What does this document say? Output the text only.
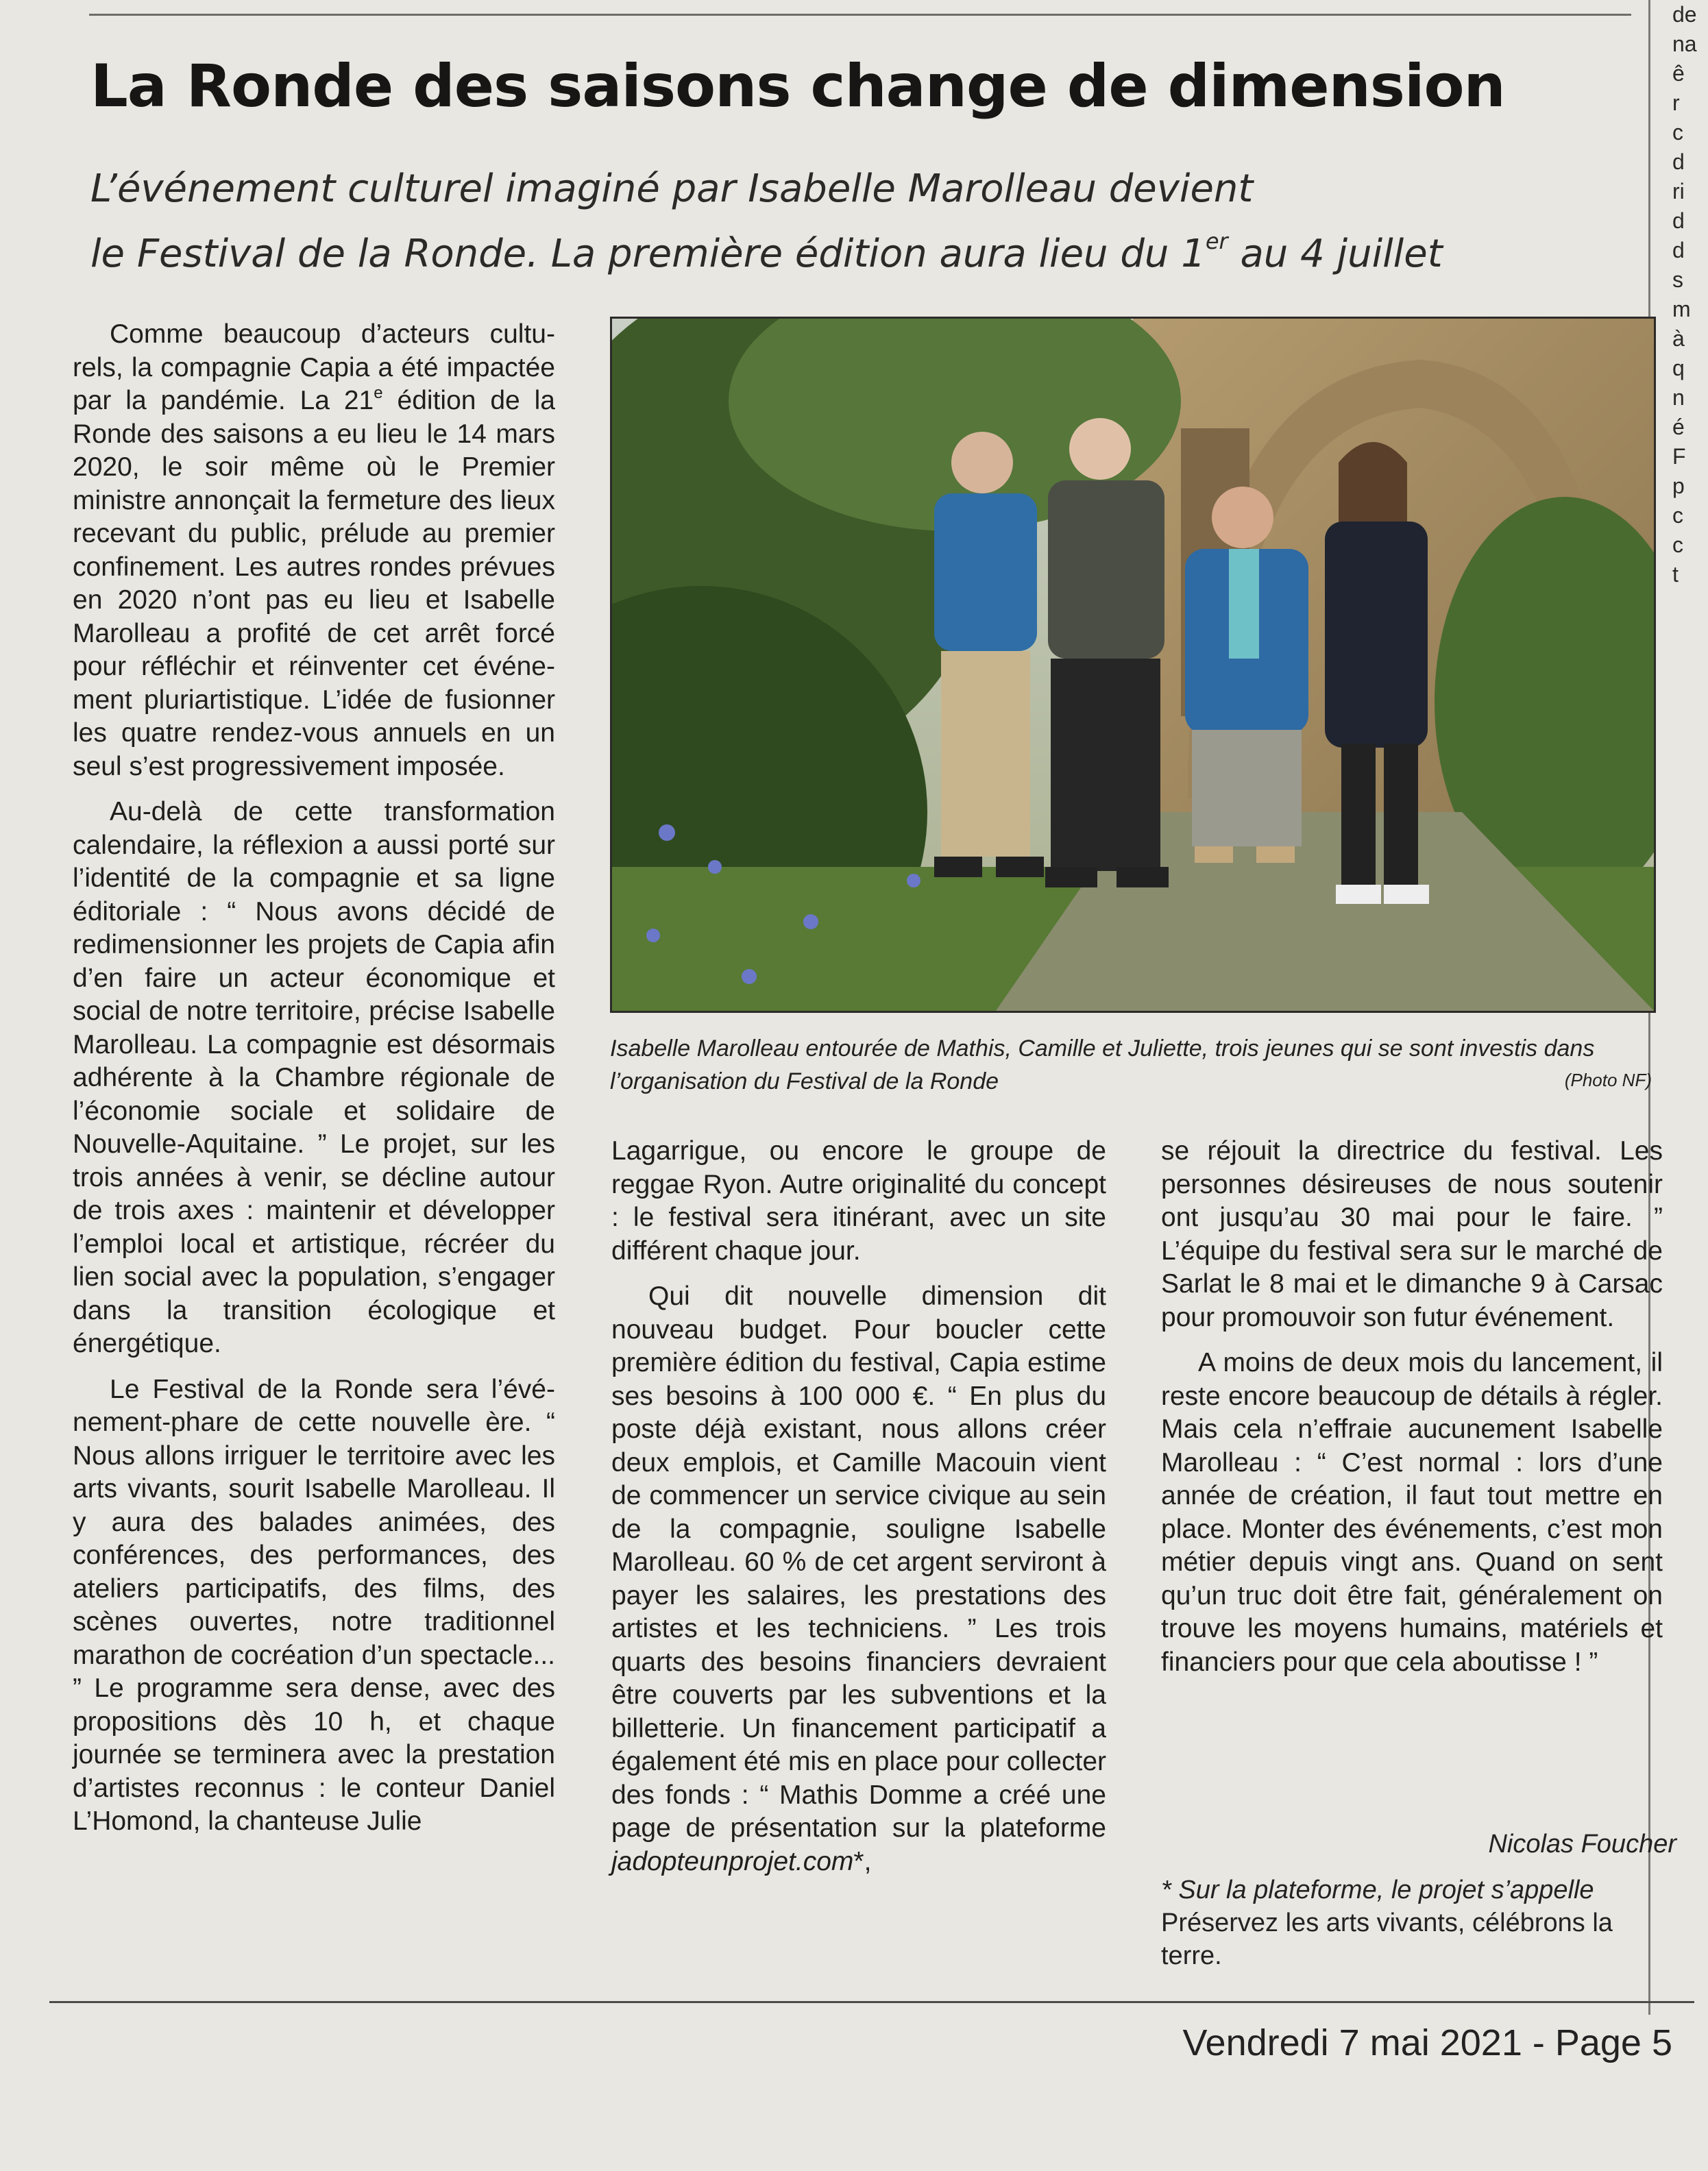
de
na
ê
r
c
d
ri
d
d
s
m
à
q
n
é
F
p
c
c
t
La Ronde des saisons change de dimension
L’événement culturel imaginé par Isabelle Marolleau devient
le Festival de la Ronde. La première édition aura lieu du 1er au 4 juillet

Comme beaucoup d’acteurs culturels, la compagnie Capia a été impactée par la pandémie. La 21e édition de la Ronde des saisons a eu lieu le 14 mars 2020, le soir même où le Premier ministre annonçait la fermeture des lieux recevant du public, prélude au premier confinement. Les autres rondes prévues en 2020 n’ont pas eu lieu et Isabelle Marolleau a profité de cet arrêt forcé pour réfléchir et réinventer cet événement pluriartistique. L’idée de fusionner les quatre rendez-vous annuels en un seul s’est progressivement imposée.

Au-delà de cette transformation calendaire, la réflexion a aussi porté sur l’identité de la compagnie et sa ligne éditoriale : “ Nous avons décidé de redimensionner les projets de Capia afin d’en faire un acteur économique et social de notre territoire, précise Isabelle Marolleau. La compagnie est désormais adhérente à la Chambre régionale de l’économie sociale et solidaire de Nouvelle-Aquitaine. ” Le projet, sur les trois années à venir, se décline autour de trois axes : maintenir et développer l’emploi local et artistique, récréer du lien social avec la population, s’engager dans la transition écologique et énergétique.

Le Festival de la Ronde sera l’événement-phare de cette nouvelle ère. “ Nous allons irriguer le territoire avec les arts vivants, sourit Isabelle Marolleau. Il y aura des balades animées, des conférences, des performances, des ateliers participatifs, des films, des scènes ouvertes, notre traditionnel marathon de cocréation d’un spectacle... ” Le programme sera dense, avec des propositions dès 10 h, et chaque journée se terminera avec la prestation d’artistes reconnus : le conteur Daniel L’Homond, la chanteuse Julie

Isabelle Marolleau entourée de Mathis, Camille et Juliette, trois jeunes qui se sont investis dans l’organisation du Festival de la Ronde	(Photo NF)

Lagarrigue, ou encore le groupe de reggae Ryon. Autre originalité du concept : le festival sera itinérant, avec un site différent chaque jour.

Qui dit nouvelle dimension dit nouveau budget. Pour boucler cette première édition du festival, Capia estime ses besoins à 100 000 €. “ En plus du poste déjà existant, nous allons créer deux emplois, et Camille Macouin vient de commencer un service civique au sein de la compagnie, souligne Isabelle Marolleau. 60 % de cet argent serviront à payer les salaires, les prestations des artistes et les techniciens. ” Les trois quarts des besoins financiers devraient être couverts par les subventions et la billetterie. Un financement participatif a également été mis en place pour collecter des fonds : “ Mathis Domme a créé une page de présentation sur la plateforme jadopteunprojet.com*,

se réjouit la directrice du festival. Les personnes désireuses de nous soutenir ont jusqu’au 30 mai pour le faire. ” L’équipe du festival sera sur le marché de Sarlat le 8 mai et le dimanche 9 à Carsac pour promouvoir son futur événement.

A moins de deux mois du lancement, il reste encore beaucoup de détails à régler. Mais cela n’effraie aucunement Isabelle Marolleau : “ C’est normal : lors d’une année de création, il faut tout mettre en place. Monter des événements, c’est mon métier depuis vingt ans. Quand on sent qu’un truc doit être fait, généralement on trouve les moyens humains, matériels et financiers pour que cela aboutisse ! ”

Nicolas Foucher
* Sur la plateforme, le projet s’appelle Préservez les arts vivants, célébrons la terre.
Vendredi 7 mai 2021 - Page 5
